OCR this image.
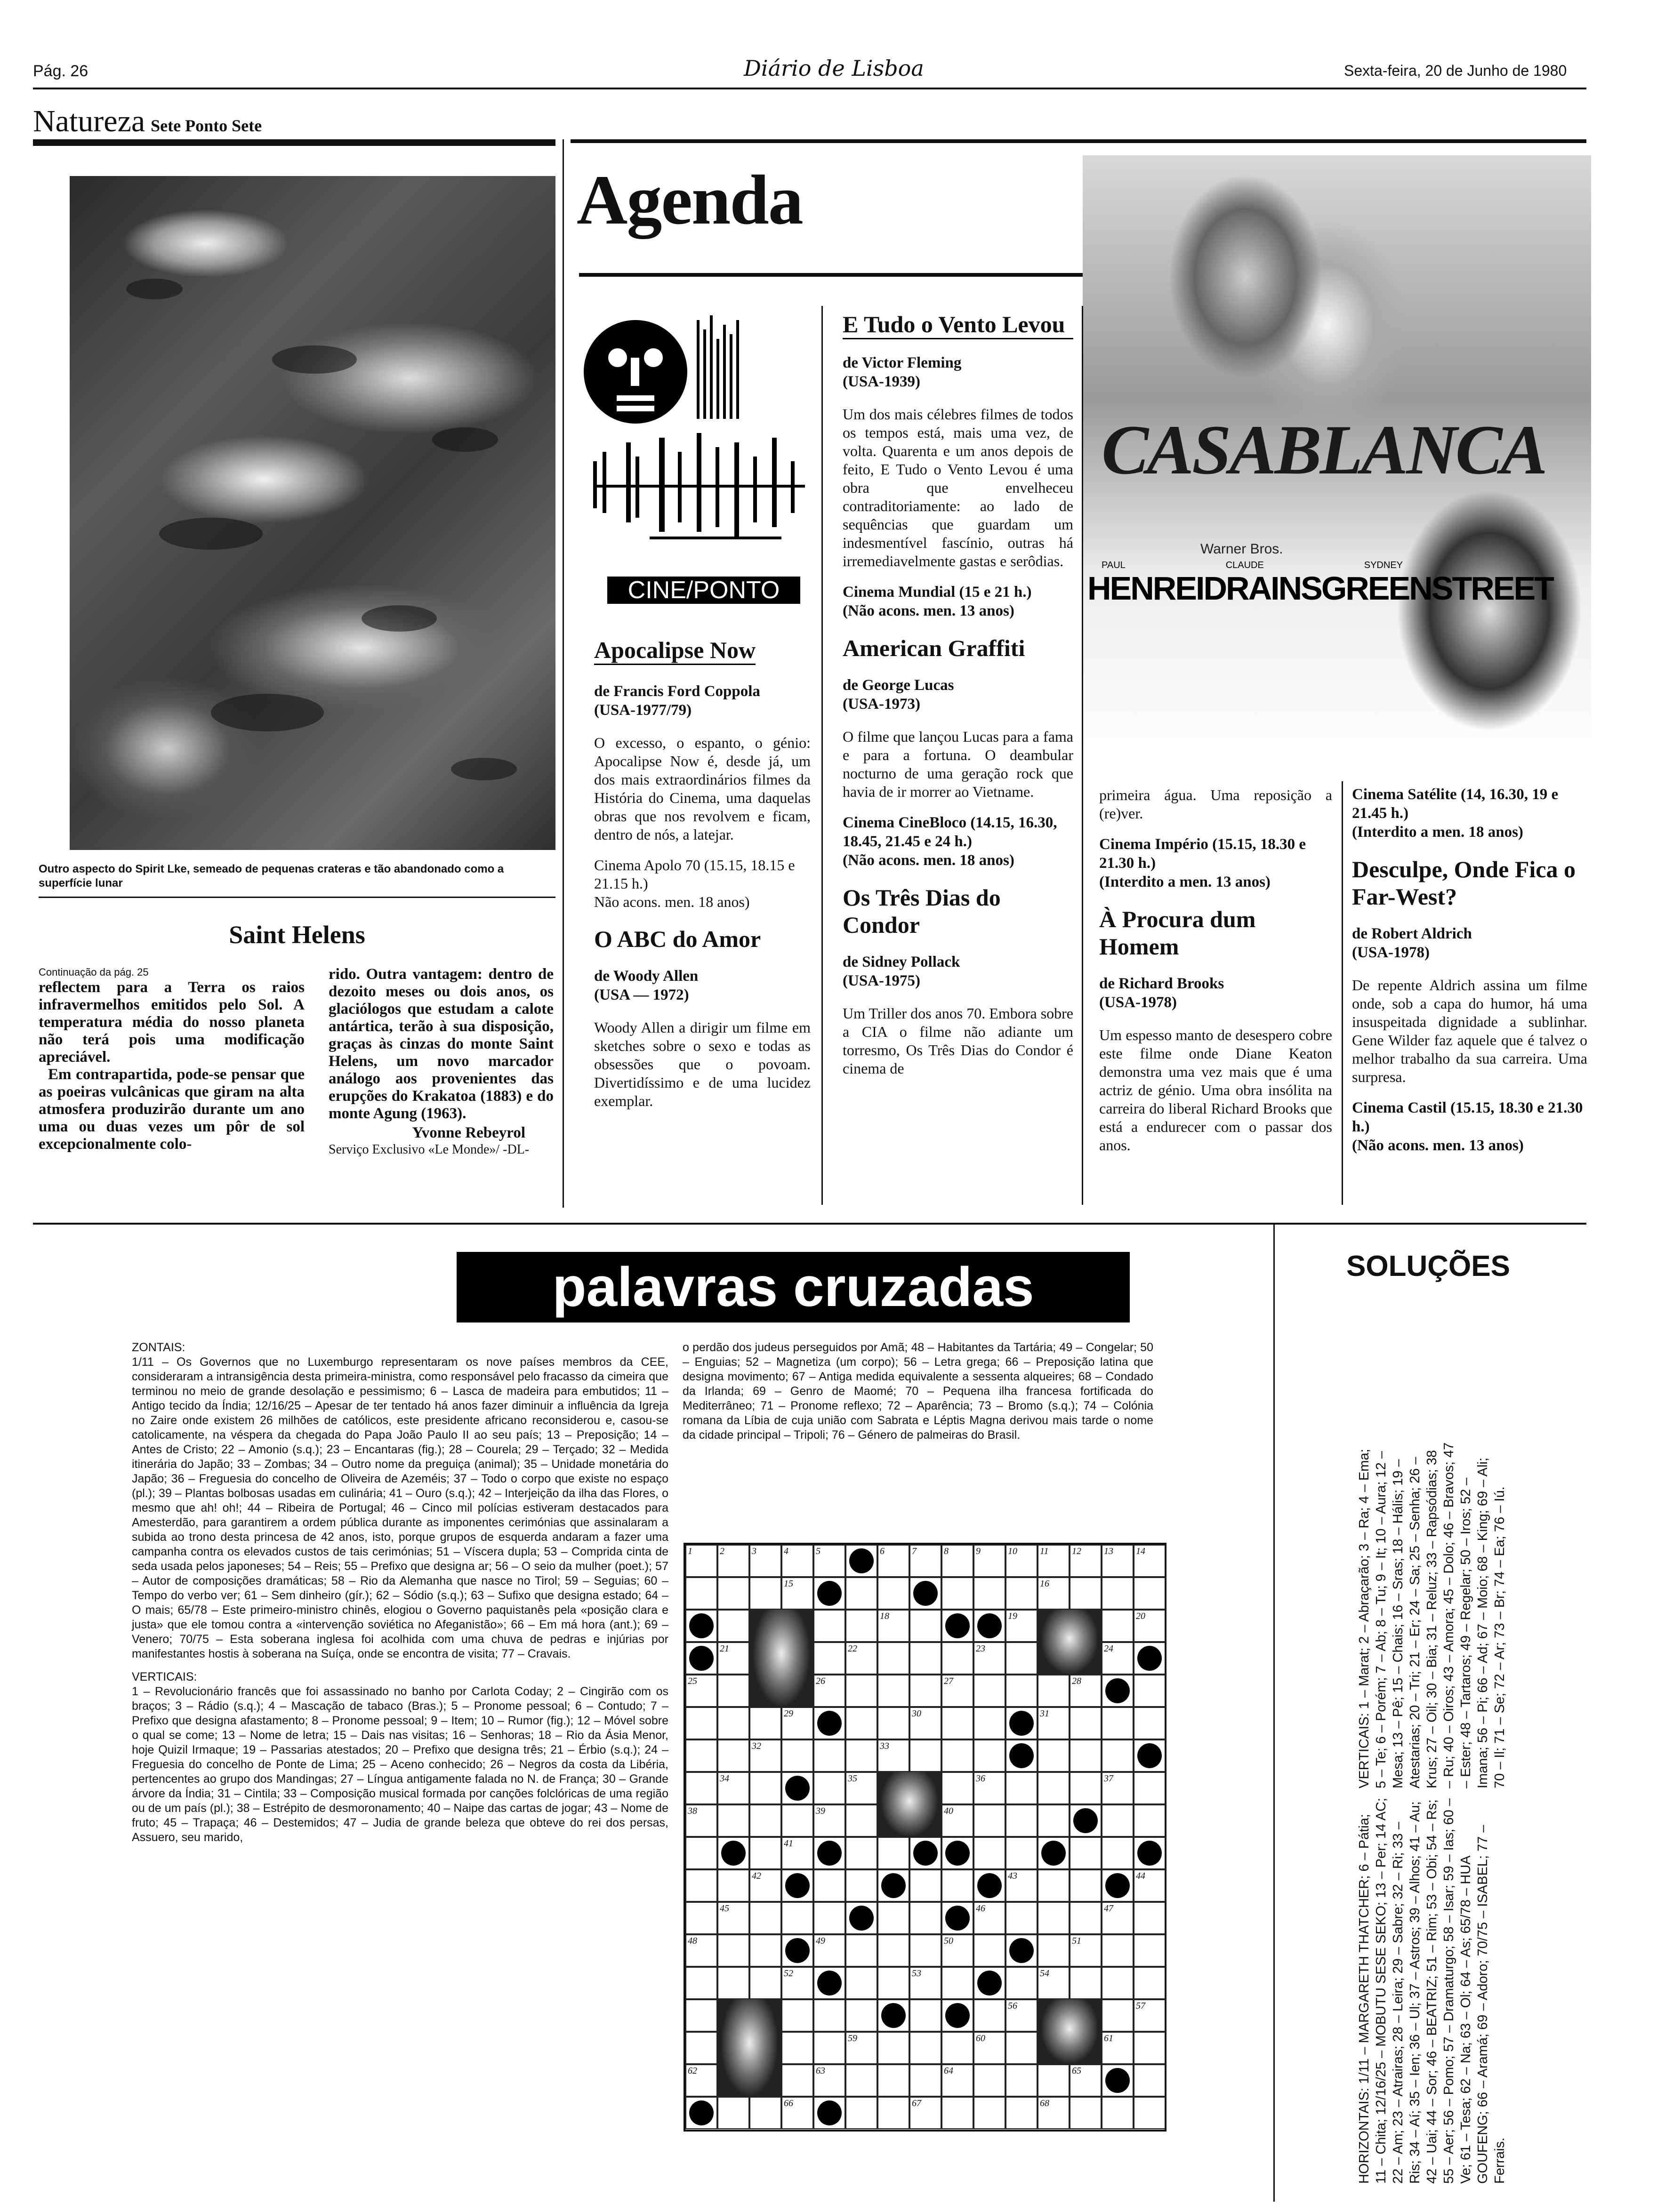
Pág. 26	Diário de Lisboa	Sexta-feira, 20 de Junho de 1980
Natureza Sete Ponto Sete
Outro aspecto do Spirit Lke, semeado de pequenas crateras e tão abandonado como a superfície lunar
Saint Helens
Continuação da pág. 25

reflectem para a Terra os raios infravermelhos emitidos pelo Sol. A temperatura média do nosso planeta não terá pois uma modificação apreciável.

Em contrapartida, pode-se pensar que as poeiras vulcânicas que giram na alta atmosfera produzirão durante um ano uma ou duas vezes um pôr de sol excepcionalmente colo-

rido. Outra vantagem: dentro de dezoito meses ou dois anos, os glaciólogos que estudam a calote antártica, terão à sua disposição, graças às cinzas do monte Saint Helens, um novo marcador análogo aos provenientes das erupções do Krakatoa (1883) e do monte Agung (1963).

Yvonne Rebeyrol
Serviço Exclusivo «Le Monde»/ -DL-
Agenda
CINE/PONTO
CASABLANCA
Warner Bros.
PAUL	CLAUDE	SYDNEY
HENREID RAINS GREENSTREET
Apocalipse Now
de Francis Ford Coppola
(USA-1977/79)
O excesso, o espanto, o génio: Apocalipse Now é, desde já, um dos mais extraordinários filmes da História do Cinema, uma daquelas obras que nos revolvem e ficam, dentro de nós, a latejar.
Cinema Apolo 70 (15.15, 18.15 e 21.15 h.)
Não acons. men. 18 anos)
O ABC do Amor
de Woody Allen
(USA — 1972)
Woody Allen a dirigir um filme em sketches sobre o sexo e todas as obsessões que o povoam. Divertidíssimo e de uma lucidez exemplar.
E Tudo o Vento Levou
de Victor Fleming
(USA-1939)
Um dos mais célebres filmes de todos os tempos está, mais uma vez, de volta. Quarenta e um anos depois de feito, E Tudo o Vento Levou é uma obra que envelheceu contraditoriamente: ao lado de sequências que guardam um indesmentível fascínio, outras há irremediavelmente gastas e serôdias.
Cinema Mundial (15 e 21 h.)
(Não acons. men. 13 anos)
American Graffiti
de George Lucas
(USA-1973)
O filme que lançou Lucas para a fama e para a fortuna. O deambular nocturno de uma geração rock que havia de ir morrer ao Vietname.
Cinema CineBloco (14.15, 16.30, 18.45, 21.45 e 24 h.)
(Não acons. men. 18 anos)
Os Três Dias do Condor
de Sidney Pollack
(USA-1975)
Um Triller dos anos 70. Embora sobre a CIA o filme não adiante um torresmo, Os Três Dias do Condor é cinema de
primeira água. Uma reposição a (re)ver.
Cinema Império (15.15, 18.30 e 21.30 h.)
(Interdito a men. 13 anos)
À Procura dum Homem
de Richard Brooks
(USA-1978)
Um espesso manto de desespero cobre este filme onde Diane Keaton demonstra uma vez mais que é uma actriz de génio. Uma obra insólita na carreira do liberal Richard Brooks que está a endurecer com o passar dos anos.
Cinema Satélite (14, 16.30, 19 e 21.45 h.)
(Interdito a men. 18 anos)
Desculpe, Onde Fica o Far-West?
de Robert Aldrich
(USA-1978)
De repente Aldrich assina um filme onde, sob a capa do humor, há uma insuspeitada dignidade a sublinhar. Gene Wilder faz aquele que é talvez o melhor trabalho da sua carreira. Uma surpresa.
Cinema Castil (15.15, 18.30 e 21.30 h.)
(Não acons. men. 13 anos)
palavras cruzadas
ZONTAIS:
1/11 – Os Governos que no Luxemburgo representaram os nove países membros da CEE, consideraram a intransigência desta primeira-ministra, como responsável pelo fracasso da cimeira que terminou no meio de grande desolação e pessimismo; 6 – Lasca de madeira para embutidos; 11 – Antigo tecido da Índia; 12/16/25 – Apesar de ter tentado há anos fazer diminuir a influência da Igreja no Zaire onde existem 26 milhões de católicos, este presidente africano reconsiderou e, casou-se catolicamente, na véspera da chegada do Papa João Paulo II ao seu país; 13 – Preposição; 14 – Antes de Cristo; 22 – Amonio (s.q.); 23 – Encantaras (fig.); 28 – Courela; 29 – Terçado; 32 – Medida itinerária do Japão; 33 – Zombas; 34 – Outro nome da preguiça (animal); 35 – Unidade monetária do Japão; 36 – Freguesia do concelho de Oliveira de Azeméis; 37 – Todo o corpo que existe no espaço (pl.); 39 – Plantas bolbosas usadas em culinária; 41 – Ouro (s.q.); 42 – Interjeição da ilha das Flores, o mesmo que ah! oh!; 44 – Ribeira de Portugal; 46 – Cinco mil polícias estiveram destacados para Amesterdão, para garantirem a ordem pública durante as imponentes cerimónias que assinalaram a subida ao trono desta princesa de 42 anos, isto, porque grupos de esquerda andaram a fazer uma campanha contra os elevados custos de tais cerimónias; 51 – Víscera dupla; 53 – Comprida cinta de seda usada pelos japoneses; 54 – Reis; 55 – Prefixo que designa ar; 56 – O seio da mulher (poet.); 57 – Autor de composições dramáticas; 58 – Rio da Alemanha que nasce no Tirol; 59 – Seguias; 60 – Tempo do verbo ver; 61 – Sem dinheiro (gír.); 62 – Sódio (s.q.); 63 – Sufixo que designa estado; 64 – O mais; 65/78 – Este primeiro-ministro chinês, elogiou o Governo paquistanês pela «posição clara e justa» que ele tomou contra a «intervenção soviética no Afeganistão»; 66 – Em má hora (ant.); 69 – Venero; 70/75 – Esta soberana inglesa foi acolhida com uma chuva de pedras e injúrias por manifestantes hostis à soberana na Suíça, onde se encontra de visita; 77 – Cravais.
VERTICAIS:
1 – Revolucionário francês que foi assassinado no banho por Carlota Coday; 2 – Cingirão com os braços; 3 – Rádio (s.q.); 4 – Mascação de tabaco (Bras.); 5 – Pronome pessoal; 6 – Contudo; 7 – Prefixo que designa afastamento; 8 – Pronome pessoal; 9 – Item; 10 – Rumor (fig.); 12 – Móvel sobre o qual se come; 13 – Nome de letra; 15 – Dais nas visitas; 16 – Senhoras; 18 – Rio da Ásia Menor, hoje Quizil Irmaque; 19 – Passarias atestados; 20 – Prefixo que designa três; 21 – Érbio (s.q.); 24 – Freguesia do concelho de Ponte de Lima; 25 – Aceno conhecido; 26 – Negros da costa da Libéria, pertencentes ao grupo dos Mandingas; 27 – Língua antigamente falada no N. de França; 30 – Grande árvore da Índia; 31 – Cintila; 33 – Composição musical formada por canções folclóricas de uma região ou de um país (pl.); 38 – Estrépito de desmoronamento; 40 – Naipe das cartas de jogar; 43 – Nome de fruto; 45 – Trapaça; 46 – Destemidos; 47 – Judia de grande beleza que obteve do rei dos persas, Assuero, seu marido,
o perdão dos judeus perseguidos por Amã; 48 – Habitantes da Tartária; 49 – Congelar; 50 – Enguias; 52 – Magnetiza (um corpo); 56 – Letra grega; 66 – Preposição latina que designa movimento; 67 – Antiga medida equivalente a sessenta alqueires; 68 – Condado da Irlanda; 69 – Genro de Maomé; 70 – Pequena ilha francesa fortificada do Mediterrâneo; 71 – Pronome reflexo; 72 – Aparência; 73 – Bromo (s.q.); 74 – Colónia romana da Líbia de cuja união com Sabrata e Léptis Magna derivou mais tarde o nome da cidade principal – Tripoli; 76 – Género de palmeiras do Brasil.
1	2	3	4	5	6	7	8	9	10 11 12 13 14
15	16
18	19	20
21	22	23	24
25	26	27	28
29	30	31
32	33
34	35	36	37
38	39	40
41
42	43	44
45	46	47
48	49	50	51
52	53	54
56	57
59	60	61
62	63	64	65
66	67	68
SOLUÇÕES
VERTICAIS: 1 – Marat; 2 – Abraçarão; 3 – Ra; 4 – Ema; 5 – Te; 6 – Porém; 7 – Ab; 8 – Tu; 9 – It; 10 – Aura; 12 – Mesa; 13 – Pê; 15 – Chais; 16 – Sras; 18 – Hális; 19 – Atestarias; 20 – Tri; 21 – Er; 24 – Sa; 25 – Senha; 26 – Krus; 27 – Oil; 30 – Bia; 31 – Reluz; 33 – Rapsódias; 38 – Ru; 40 – Oiros; 43 – Amora; 45 – Dolo; 46 – Bravos; 47 – Ester; 48 – Tartaros; 49 – Regelar; 50 – Iros; 52 – Imana; 56 – Pi; 66 – Ad; 67 – Moio; 68 – King; 69 – Ali; 70 – Il; 71 – Se; 72 – Ar; 73 – Br; 74 – Ea; 76 – Iú.
HORIZONTAIS: 1/11 – MARGARETH THATCHER; 6 – Pátia; 11 – Chita; 12/16/25 – MOBUTU SESE SEKO; 13 – Per; 14 AC; 22 – Am; 23 – Atrairas; 28 – Leira; 29 – Sabre; 32 – Ri; 33 – Ris; 34 – Aí; 35 – Ien; 36 – Ul; 37 – Astros; 39 – Alhos; 41 – Au; 42 – Uai; 44 – Sor; 46 – BEATRIZ; 51 – Rim; 53 – Obi; 54 – Rs; 55 – Aer; 56 – Pomo; 57 – Dramaturgo; 58 – Isar; 59 – Ias; 60 – Ve; 61 – Tesa; 62 – Na; 63 – Ol; 64 – As; 65/78 – HUA GOUFENG; 66 – Aramá; 69 – Adoro; 70/75 – ISABEL; 77 – Ferrais.
